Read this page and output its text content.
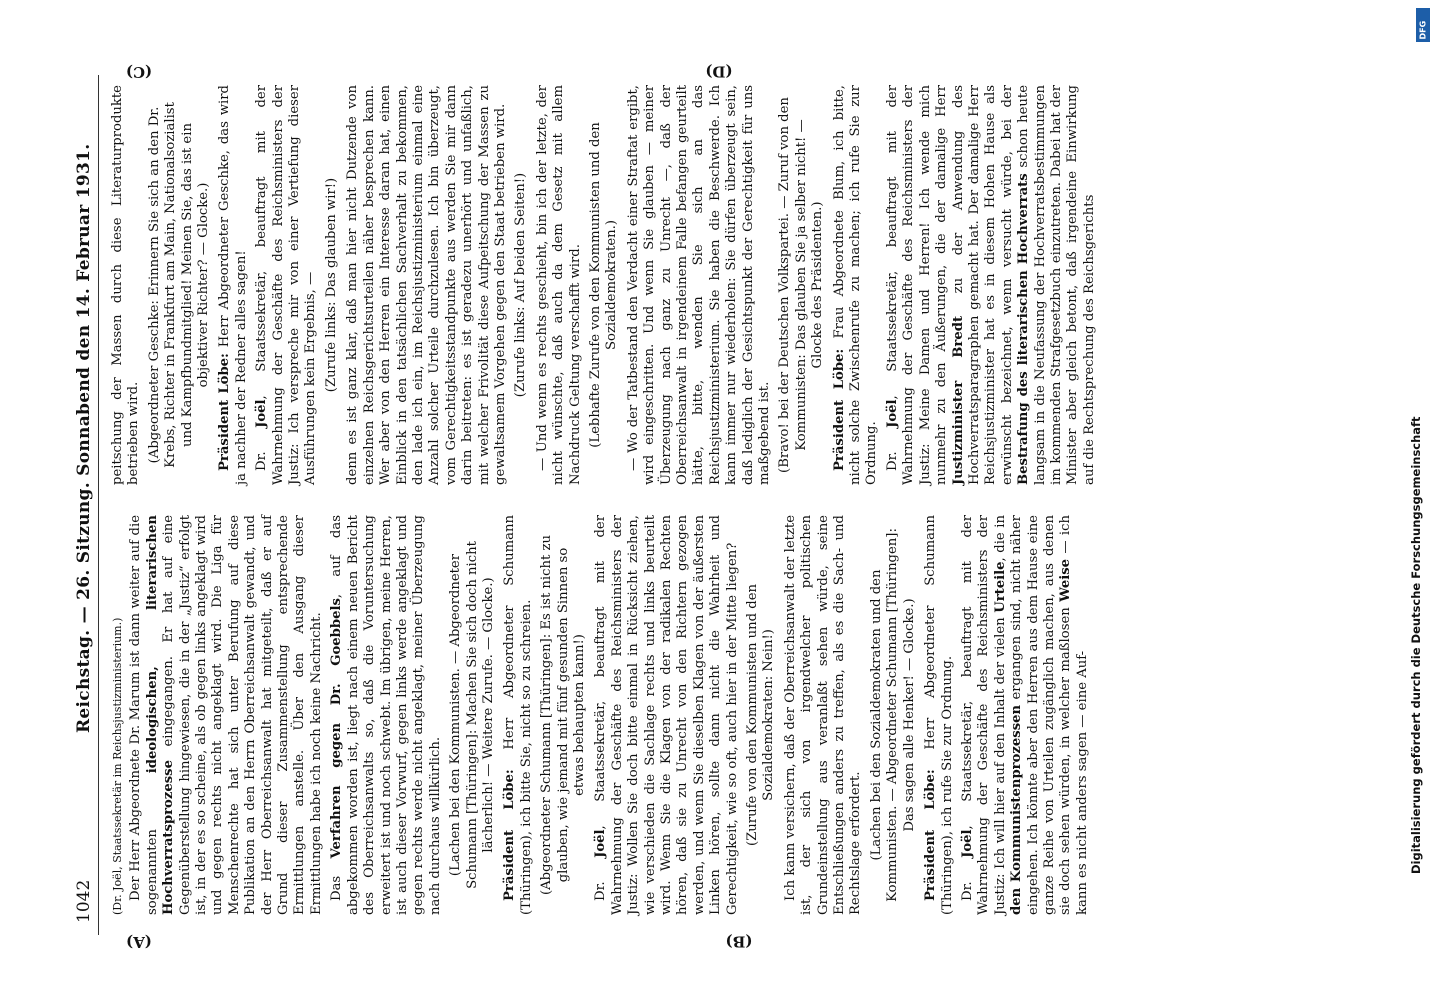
1042
Reichstag. — 26. Sitzung. Sonnabend den 14. Februar 1931.

(Dr. Joël, Staatssekretär im Reichsjustizministerium.) Der Herr Abgeordnete Dr. Marum ist dann weiter auf die sogenannten ideologischen, literarischen Hochverratsprozesse eingegangen. Er hat auf eine Gegenüberstellung hingewiesen, die in der „Justiz“ erfolgt ist, in der es so scheine, als ob gegen links angeklagt wird und gegen rechts nicht angeklagt wird. Die Liga für Menschenrechte hat sich unter Berufung auf diese Publikation an den Herrn Oberreichsanwalt gewandt, und der Herr Oberreichsanwalt hat mitgeteilt, daß er auf Grund dieser Zusammenstellung entsprechende Ermittlungen anstelle. Über den Ausgang dieser Ermittlungen habe ich noch keine Nachricht. Das Verfahren gegen Dr. Goebbels, auf das abgekommen worden ist, liegt nach einem neuen Bericht des Oberreichsanwalts so, daß die Voruntersuchung erweitert ist und noch schwebt. Im übrigen, meine Herren, ist auch dieser Vorwurf, gegen links werde angeklagt und gegen rechts werde nicht angeklagt, meiner Überzeugung nach durchaus willkürlich. (Lachen bei den Kommunisten. — Abgeordneter Schumann [Thüringen]: Machen Sie sich doch nicht lächerlich! — Weitere Zurufe. — Glocke.) Präsident Löbe: Herr Abgeordneter Schumann (Thüringen), ich bitte Sie, nicht so zu schreien. (Abgeordneter Schumann [Thüringen]: Es ist nicht zu glauben, wie jemand mit fünf gesunden Sinnen so etwas behaupten kann!)

Dr. Joël, Staatssekretär, beauftragt mit der Wahrnehmung der Geschäfte des Reichsministers der Justiz: Wollen Sie doch bitte einmal in Rücksicht ziehen, wie verschieden die Sachlage rechts und links beurteilt wird. Wenn Sie die Klagen von der radikalen Rechten hören, daß sie zu Unrecht von den Richtern gezogen werden, und wenn Sie dieselben Klagen von der äußersten Linken hören, sollte dann nicht die Wahrheit und Gerechtigkeit, wie so oft, auch hier in der Mitte liegen? (Zurufe von den Kommunisten und den Sozialdemokraten: Nein!) Ich kann versichern, daß der Oberreichsanwalt der letzte ist, der sich von irgendwelcher politischen Grundeinstellung aus veranlaßt sehen würde, seine Entschließungen anders zu treffen, als es die Sach- und Rechtslage erfordert. (Lachen bei den Sozialdemokraten und den Kommunisten. — Abgeordneter Schumann [Thüringen]: Das sagen alle Henker! — Glocke.)

Präsident Löbe: Herr Abgeordneter Schumann (Thüringen), ich rufe Sie zur Ordnung. Dr. Joël, Staatssekretär, beauftragt mit der Wahrnehmung der Geschäfte des Reichsministers der Justiz: Ich will hier auf den Inhalt der vielen Urteile, die in den Kommunistenprozessen ergangen sind, nicht näher eingehen. Ich könnte aber den Herren aus dem Hause eine ganze Reihe von Urteilen zugänglich machen, aus denen sie doch sehen würden, in welcher maßlosen Weise — ich kann es nicht anders sagen — eine Auf-

peitschung der Massen durch diese Literaturprodukte betrieben wird. (Abgeordneter Geschke: Erinnern Sie sich an den Dr. Krebs, Richter in Frankfurt am Main, Nationalsozialist und Kampfbundmitglied! Meinen Sie, das ist ein objektiver Richter? — Glocke.)

Präsident Löbe: Herr Abgeordneter Geschke, das wird ja nachher der Redner alles sagen! Dr. Joël, Staatssekretär, beauftragt mit der Wahrnehmung der Geschäfte des Reichsministers der Justiz: Ich verspreche mir von einer Vertiefung dieser Ausführungen kein Ergebnis, — (Zurufe links: Das glauben wir!) denn es ist ganz klar, daß man hier nicht Dutzende von einzelnen Reichsgerichtsurteilen näher besprechen kann. Wer aber von den Herren ein Interesse daran hat, einen Einblick in den tatsächlichen Sachverhalt zu bekommen, den lade ich ein, im Reichsjustizministerium einmal eine Anzahl solcher Urteile durchzulesen. Ich bin überzeugt, vom Gerechtigkeitsstandpunkte aus werden Sie mir dann darin beitreten: es ist geradezu unerhört und unfaßlich, mit welcher Frivolität diese Aufpeitschung der Massen zu gewaltsamem Vorgehen gegen den Staat betrieben wird. (Zurufe links: Auf beiden Seiten!) — Und wenn es rechts geschieht, bin ich der letzte, der nicht wünschte, daß auch da dem Gesetz mit allem Nachdruck Geltung verschafft wird. (Lebhafte Zurufe von den Kommunisten und den Sozialdemokraten.) — Wo der Tatbestand den Verdacht einer Straftat ergibt, wird eingeschritten. Und wenn Sie glauben — meiner Überzeugung nach ganz zu Unrecht —, daß der Oberreichsanwalt in irgendeinem Falle befangen geurteilt hätte, bitte, wenden Sie sich an das Reichsjustizministerium. Sie haben die Beschwerde. Ich kann immer nur wiederholen: Sie dürfen überzeugt sein, daß lediglich der Gesichtspunkt der Gerechtigkeit für uns maßgebend ist. (Bravo! bei der Deutschen Volkspartei. — Zuruf von den Kommunisten: Das glauben Sie ja selber nicht! — Glocke des Präsidenten.)

Präsident Löbe: Frau Abgeordnete Blum, ich bitte, nicht solche Zwischenrufe zu machen; ich rufe Sie zur Ordnung. Dr. Joël, Staatssekretär, beauftragt mit der Wahrnehmung der Geschäfte des Reichsministers der Justiz: Meine Damen und Herren! Ich wende mich nunmehr zu den Äußerungen, die der damalige Herr Justizminister Bredt zu der Anwendung des Hochverratsparagraphen gemacht hat. Der damalige Herr Reichsjustizminister hat es in diesem Hohen Hause als erwünscht bezeichnet, wenn versucht würde, bei der Bestrafung des literarischen Hochverrats schon heute langsam in die Neufassung der Hochverratsbestimmungen im kommenden Strafgesetzbuch einzutreten. Dabei hat der Minister aber gleich betont, daß irgendeine Einwirkung auf die Rechtsprechung des Reichsgerichts

(A)	(B)
(C)	(D)
Digitalisierung gefördert durch die Deutsche Forschungsgemeinschaft
DFG
